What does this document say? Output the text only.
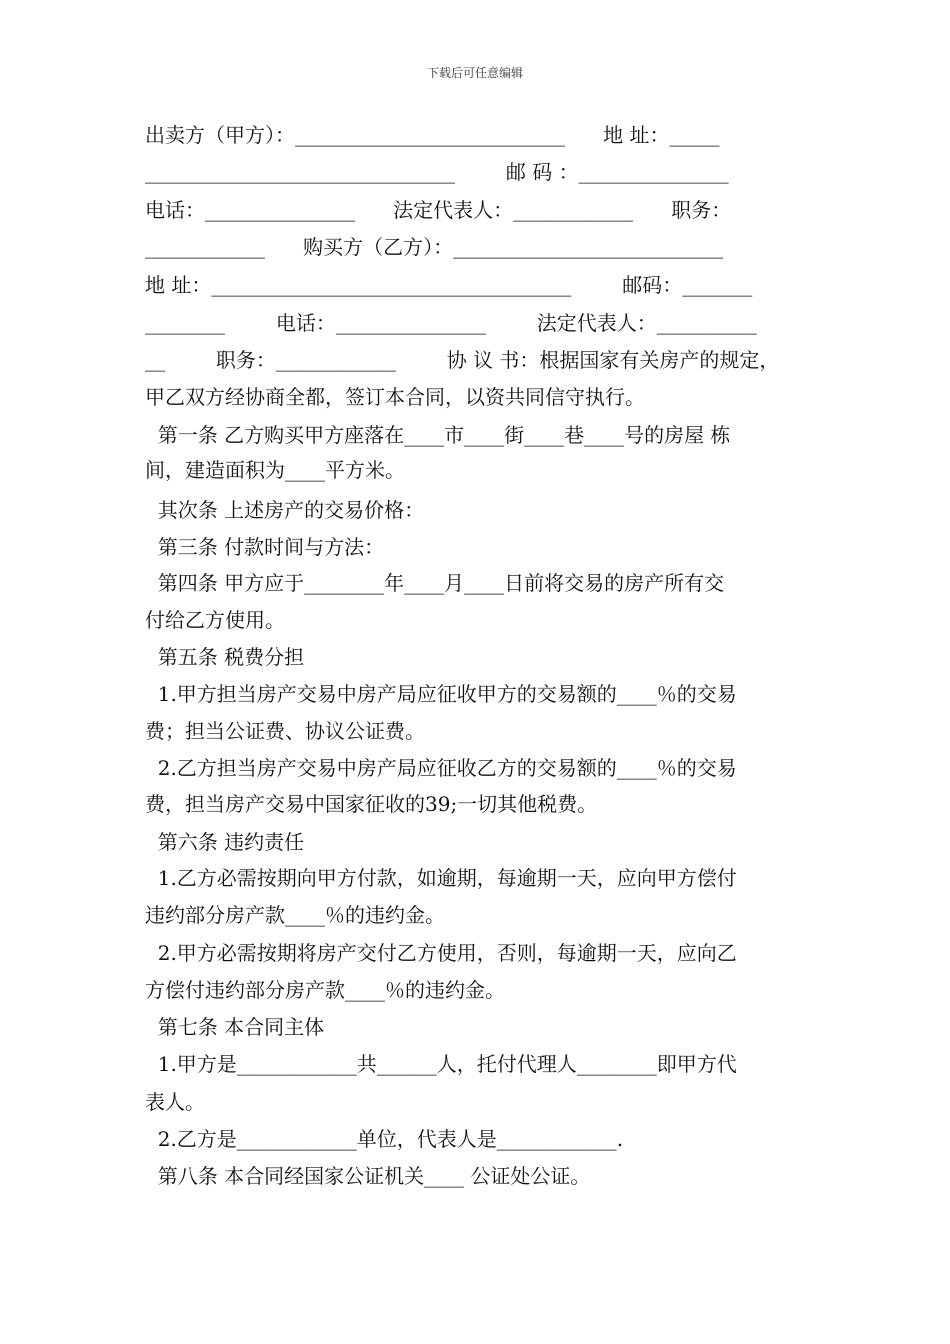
下载后可任意编辑
出卖方（甲方）：___________________________      地 址：_____
_______________________________        邮 码 ：_______________
电话：_______________      法定代表人：____________      职务：
____________      购买方（乙方）：___________________________
地 址：____________________________________        邮码：_______
________        电话：_______________        法定代表人：__________
__        职务：____________        协 议 书：根据国家有关房产的规定，
甲乙双方经协商全都，签订本合同，以资共同信守执行。
第一条 乙方购买甲方座落在____市____街____巷____号的房屋 栋
间，建造面积为____平方米。
其次条 上述房产的交易价格：
第三条 付款时间与方法：
第四条 甲方应于________年____月____日前将交易的房产所有交
付给乙方使用。
第五条 税费分担
1.甲方担当房产交易中房产局应征收甲方的交易额的____％的交易
费；担当公证费、协议公证费。
2.乙方担当房产交易中房产局应征收乙方的交易额的____％的交易
费，担当房产交易中国家征收的39;一切其他税费。
第六条 违约责任
1.乙方必需按期向甲方付款，如逾期，每逾期一天，应向甲方偿付
违约部分房产款____％的违约金。
2.甲方必需按期将房产交付乙方使用，否则，每逾期一天，应向乙
方偿付违约部分房产款____％的违约金。
第七条 本合同主体
1.甲方是____________共______人，托付代理人________即甲方代
表人。
2.乙方是____________单位，代表人是____________.
第八条 本合同经国家公证机关____ 公证处公证。
